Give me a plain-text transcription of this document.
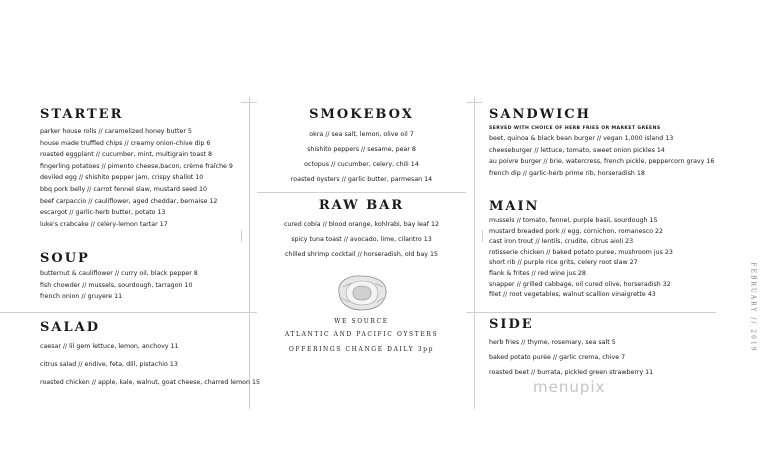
STARTER
parker house rolls // caramelized honey butter 5
house made truffled chips // creamy onion-chive dip 6
roasted eggplant // cucumber, mint, multigrain toast 8
fingerling potatoes // pimento cheese,bacon, crème fraîche 9
deviled egg // shishito pepper jam, crispy shallot 10
bbq pork belly // carrot fennel slaw, mustard seed 10
beef carpaccio // cauliflower, aged cheddar, bernaise 12
escargot // garlic-herb butter, potato 13
luke's crabcake // celery-lemon tartar 17
SOUP
butternut & cauliflower // curry oil, black pepper 8
fish chowder // mussels, sourdough, tarragon 10
french onion // gruyere 11
SALAD
caesar // lil gem lettuce, lemon, anchovy 11
citrus salad // endive, feta, dill, pistachio 13
roasted chicken // apple, kale, walnut, goat cheese, charred lemon 15
SMOKEBOX
okra // sea salt, lemon, olive oil 7
shishito peppers // sesame, pear 8
octopus // cucumber, celery, chili 14
roasted oysters // garlic butter, parmesan 14
RAW BAR
cured cobia // blood orange, kohlrabi, bay leaf 12
spicy tuna toast // avocado, lime, cilantro 13
chilled shrimp cocktail // horseradish, old bay 15
WE SOURCE
ATLANTIC AND PACIFIC OYSTERS
OFFERINGS CHANGE DAILY 3pp
SANDWICH
SERVED WITH CHOICE OF HERB FRIES OR MARKET GREENS
beet, quinoa & black bean burger // vegan 1,000 island 13
cheeseburger // lettuce, tomato, sweet onion pickles 14
au poivre burger // brie, watercress, french pickle, peppercorn gravy 16
french dip // garlic-herb prime rib, horseradish 18
MAIN
mussels // tomato, fennel, purple basil, sourdough 15
mustard breaded pork // egg, cornichon, romanesco 22
cast iron trout // lentils, crudite, citrus aioli 23
rotisserie chicken // baked potato puree, mushroom jus 23
short rib // purple rice grits, celery root slaw 27
flank & frites // red wine jus 28
snapper // grilled cabbage, oil cured olive, horseradish 32
filet // root vegetables, walnut scallion vinaigrette 43
SIDE
herb fries // thyme, rosemary, sea salt 5
baked potato purée // garlic crema, chive 7
roasted beet // burrata, pickled green strawberry 11
FEBRUARY // 2019
menupix
